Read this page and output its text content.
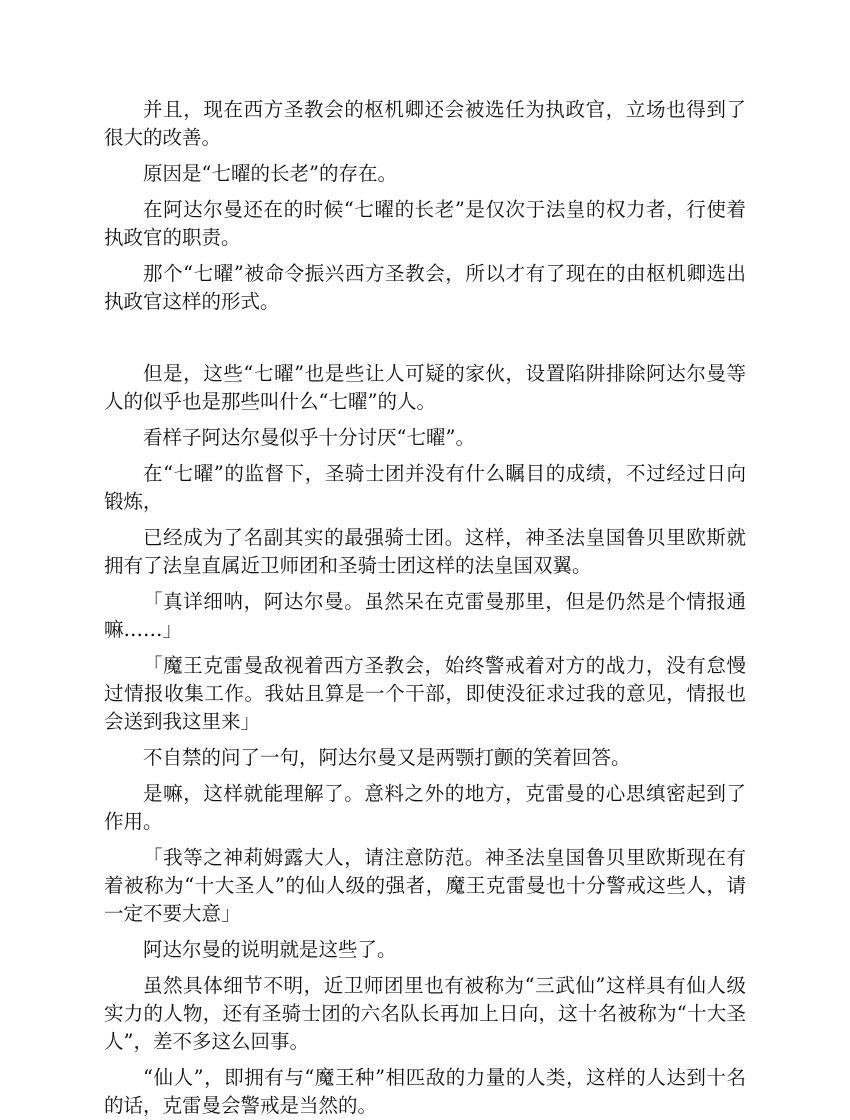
并且，现在西方圣教会的枢机卿还会被选任为执政官，立场也得到了很大的改善。

原因是“七曜的长老”的存在。

在阿达尔曼还在的时候“七曜的长老”是仅次于法皇的权力者，行使着执政官的职责。

那个“七曜”被命令振兴西方圣教会，所以才有了现在的由枢机卿选出执政官这样的形式。

但是，这些“七曜”也是些让人可疑的家伙，设置陷阱排除阿达尔曼等人的似乎也是那些叫什么“七曜”的人。

看样子阿达尔曼似乎十分讨厌“七曜”。

在“七曜”的监督下，圣骑士团并没有什么瞩目的成绩，不过经过日向锻炼，

已经成为了名副其实的最强骑士团。这样，神圣法皇国鲁贝里欧斯就拥有了法皇直属近卫师团和圣骑士团这样的法皇国双翼。

「真详细呐，阿达尔曼。虽然呆在克雷曼那里，但是仍然是个情报通嘛……」

「魔王克雷曼敌视着西方圣教会，始终警戒着对方的战力，没有怠慢过情报收集工作。我姑且算是一个干部，即使没征求过我的意见，情报也会送到我这里来」

不自禁的问了一句，阿达尔曼又是两颚打颤的笑着回答。

是嘛，这样就能理解了。意料之外的地方，克雷曼的心思缜密起到了作用。

「我等之神莉姆露大人，请注意防范。神圣法皇国鲁贝里欧斯现在有着被称为“十大圣人”的仙人级的强者，魔王克雷曼也十分警戒这些人，请一定不要大意」

阿达尔曼的说明就是这些了。

虽然具体细节不明，近卫师团里也有被称为“三武仙”这样具有仙人级实力的人物，还有圣骑士团的六名队长再加上日向，这十名被称为“十大圣人”，差不多这么回事。

“仙人”，即拥有与“魔王种”相匹敌的力量的人类，这样的人达到十名的话，克雷曼会警戒是当然的。
